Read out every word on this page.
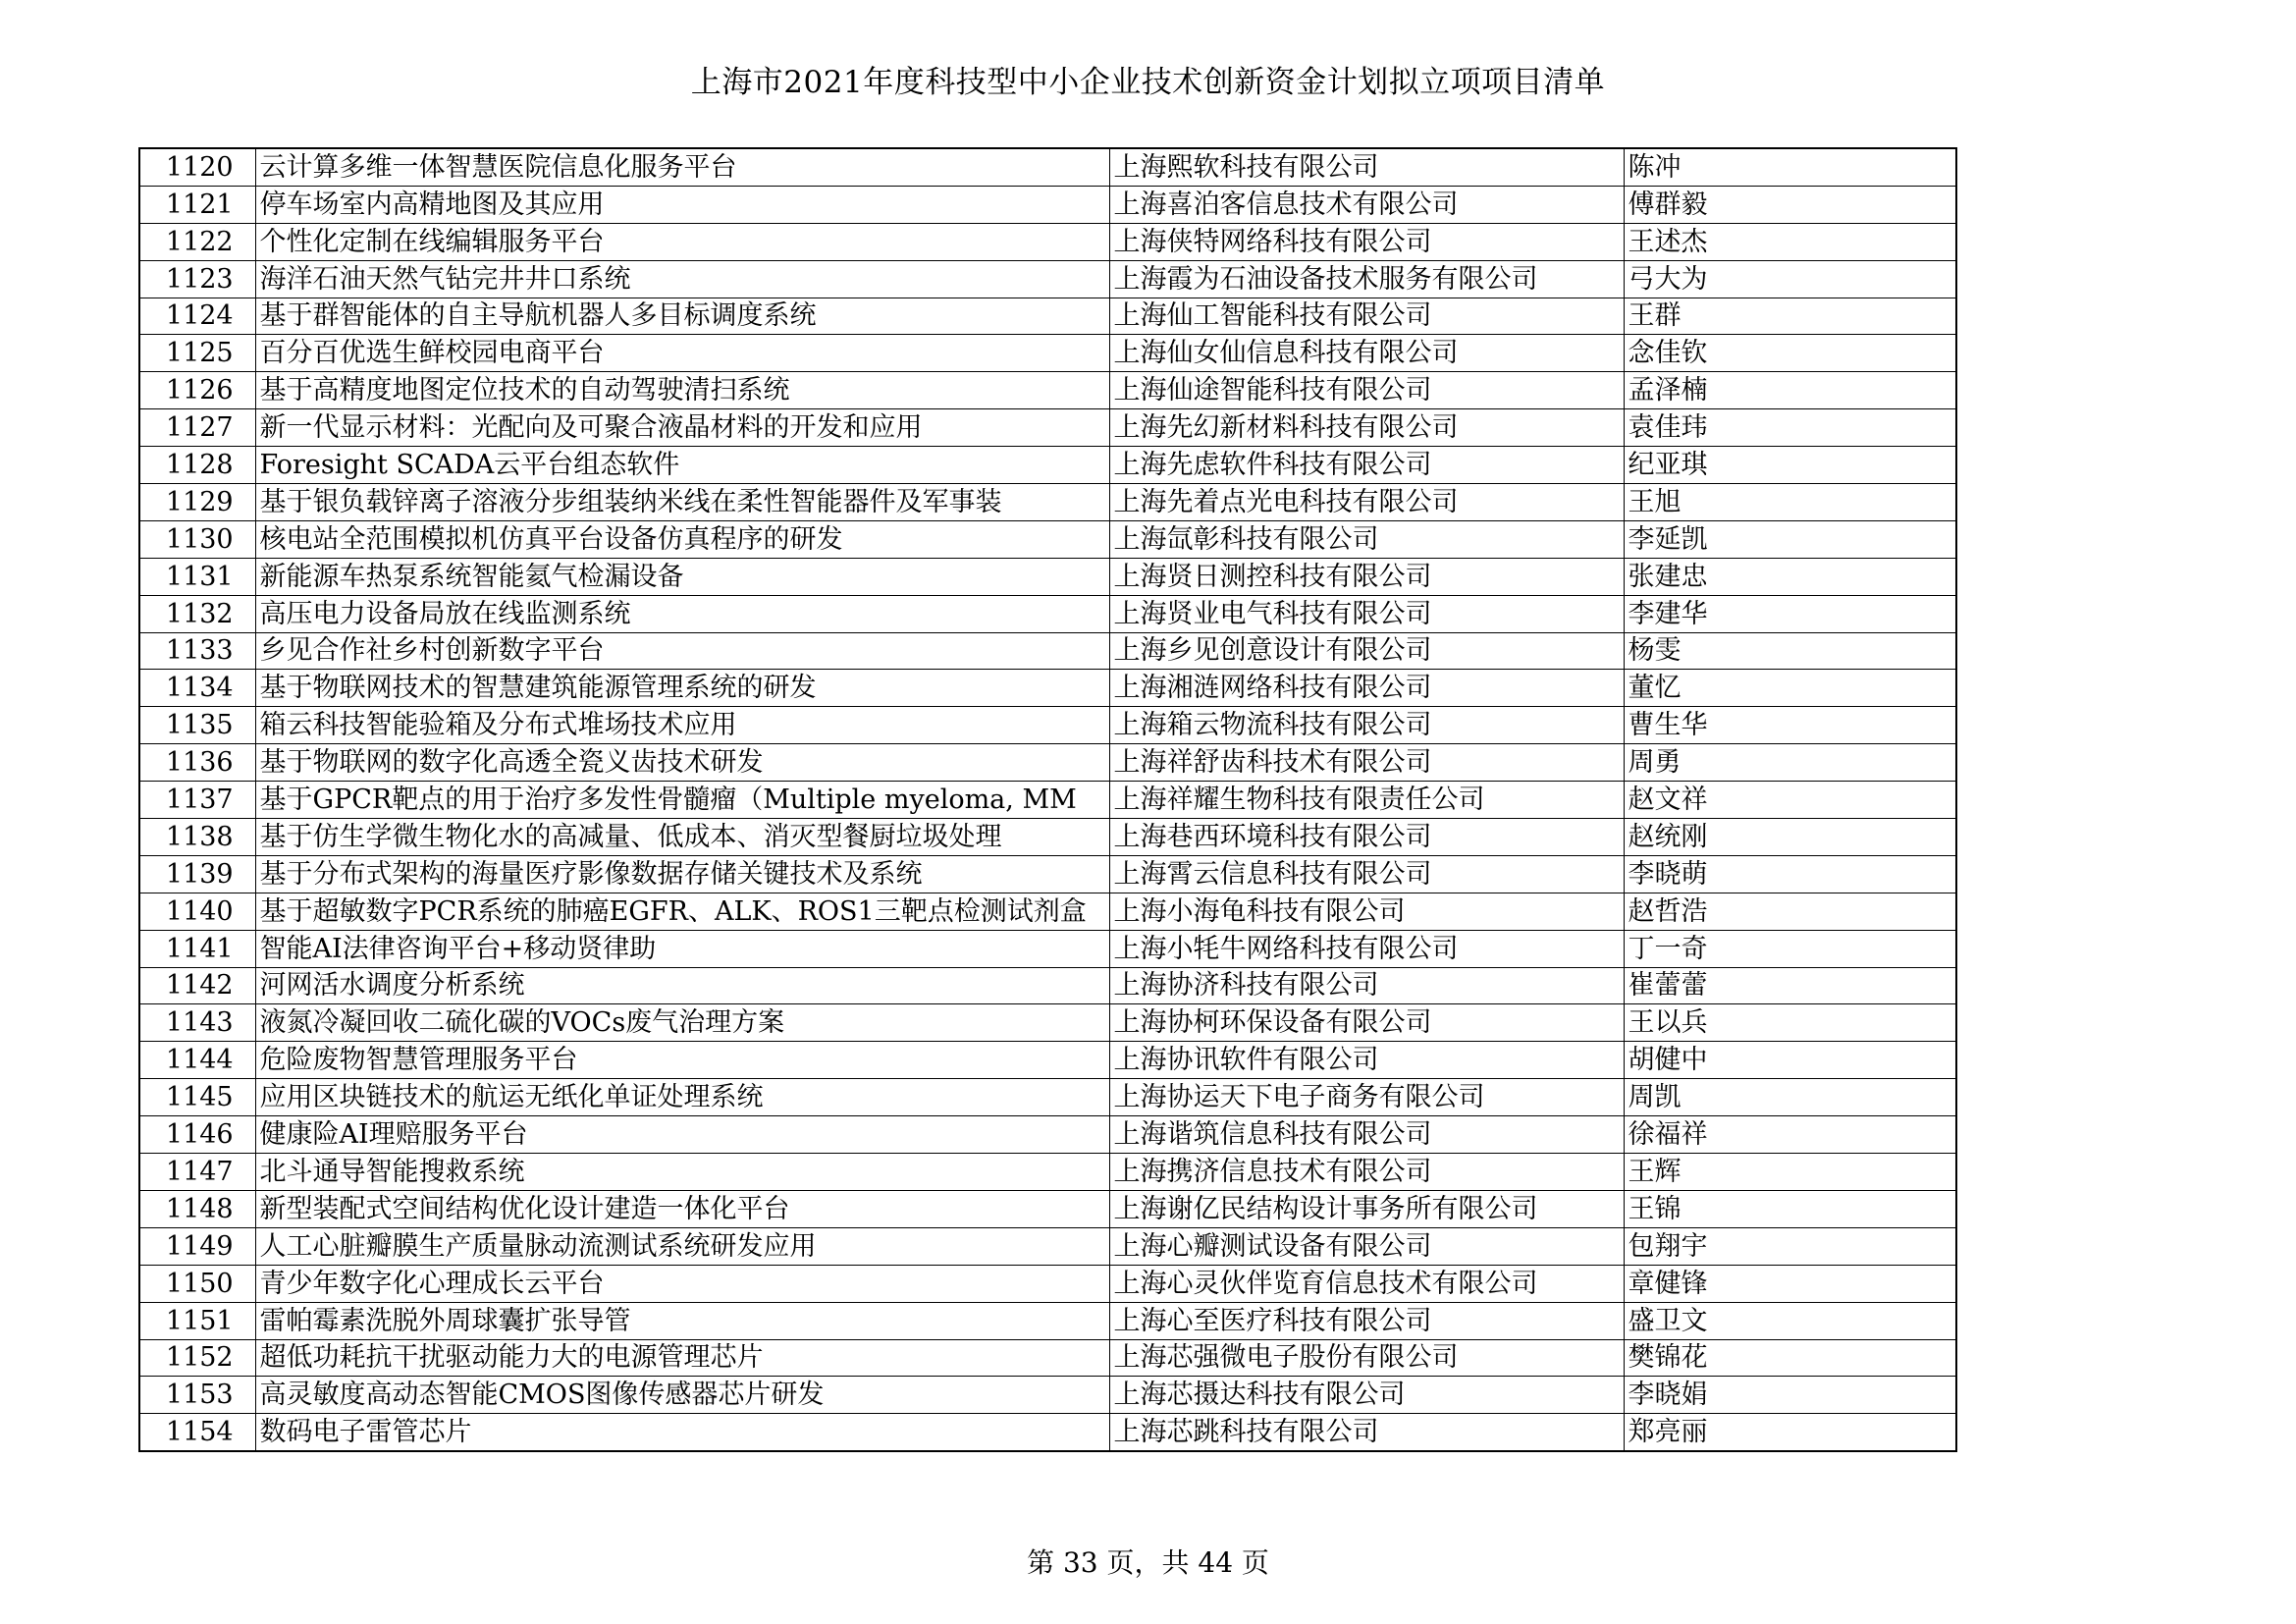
上海市2021年度科技型中小企业技术创新资金计划拟立项项目清单
1120	云计算多维一体智慧医院信息化服务平台	上海熙软科技有限公司	陈冲
1121	停车场室内高精地图及其应用	上海喜泊客信息技术有限公司	傅群毅
1122	个性化定制在线编辑服务平台	上海侠特网络科技有限公司	王述杰
1123	海洋石油天然气钻完井井口系统	上海霞为石油设备技术服务有限公司	弓大为
1124	基于群智能体的自主导航机器人多目标调度系统	上海仙工智能科技有限公司	王群
1125	百分百优选生鲜校园电商平台	上海仙女仙信息科技有限公司	念佳钦
1126	基于高精度地图定位技术的自动驾驶清扫系统	上海仙途智能科技有限公司	孟泽楠
1127	新一代显示材料：光配向及可聚合液晶材料的开发和应用	上海先幻新材料科技有限公司	袁佳玮
1128	Foresight SCADA云平台组态软件	上海先虑软件科技有限公司	纪亚琪
1129	基于银负载锌离子溶液分步组装纳米线在柔性智能器件及军事装	上海先着点光电科技有限公司	王旭
1130	核电站全范围模拟机仿真平台设备仿真程序的研发	上海氙彰科技有限公司	李延凯
1131	新能源车热泵系统智能氦气检漏设备	上海贤日测控科技有限公司	张建忠
1132	高压电力设备局放在线监测系统	上海贤业电气科技有限公司	李建华
1133	乡见合作社乡村创新数字平台	上海乡见创意设计有限公司	杨雯
1134	基于物联网技术的智慧建筑能源管理系统的研发	上海湘涟网络科技有限公司	董忆
1135	箱云科技智能验箱及分布式堆场技术应用	上海箱云物流科技有限公司	曹生华
1136	基于物联网的数字化高透全瓷义齿技术研发	上海祥舒齿科技术有限公司	周勇
1137	基于GPCR靶点的用于治疗多发性骨髓瘤（Multiple myeloma, MM	上海祥耀生物科技有限责任公司	赵文祥
1138	基于仿生学微生物化水的高减量、低成本、消灭型餐厨垃圾处理	上海巷西环境科技有限公司	赵统刚
1139	基于分布式架构的海量医疗影像数据存储关键技术及系统	上海霄云信息科技有限公司	李晓萌
1140	基于超敏数字PCR系统的肺癌EGFR、ALK、ROS1三靶点检测试剂盒	上海小海龟科技有限公司	赵哲浩
1141	智能AI法律咨询平台+移动贤律助	上海小牦牛网络科技有限公司	丁一奇
1142	河网活水调度分析系统	上海协济科技有限公司	崔蕾蕾
1143	液氮冷凝回收二硫化碳的VOCs废气治理方案	上海协柯环保设备有限公司	王以兵
1144	危险废物智慧管理服务平台	上海协讯软件有限公司	胡健中
1145	应用区块链技术的航运无纸化单证处理系统	上海协运天下电子商务有限公司	周凯
1146	健康险AI理赔服务平台	上海谐筑信息科技有限公司	徐福祥
1147	北斗通导智能搜救系统	上海携济信息技术有限公司	王辉
1148	新型装配式空间结构优化设计建造一体化平台	上海谢亿民结构设计事务所有限公司	王锦
1149	人工心脏瓣膜生产质量脉动流测试系统研发应用	上海心瓣测试设备有限公司	包翔宇
1150	青少年数字化心理成长云平台	上海心灵伙伴览育信息技术有限公司	章健锋
1151	雷帕霉素洗脱外周球囊扩张导管	上海心至医疗科技有限公司	盛卫文
1152	超低功耗抗干扰驱动能力大的电源管理芯片	上海芯强微电子股份有限公司	樊锦花
1153	高灵敏度高动态智能CMOS图像传感器芯片研发	上海芯摄达科技有限公司	李晓娟
1154	数码电子雷管芯片	上海芯跳科技有限公司	郑亮丽
第 33 页，共 44 页
